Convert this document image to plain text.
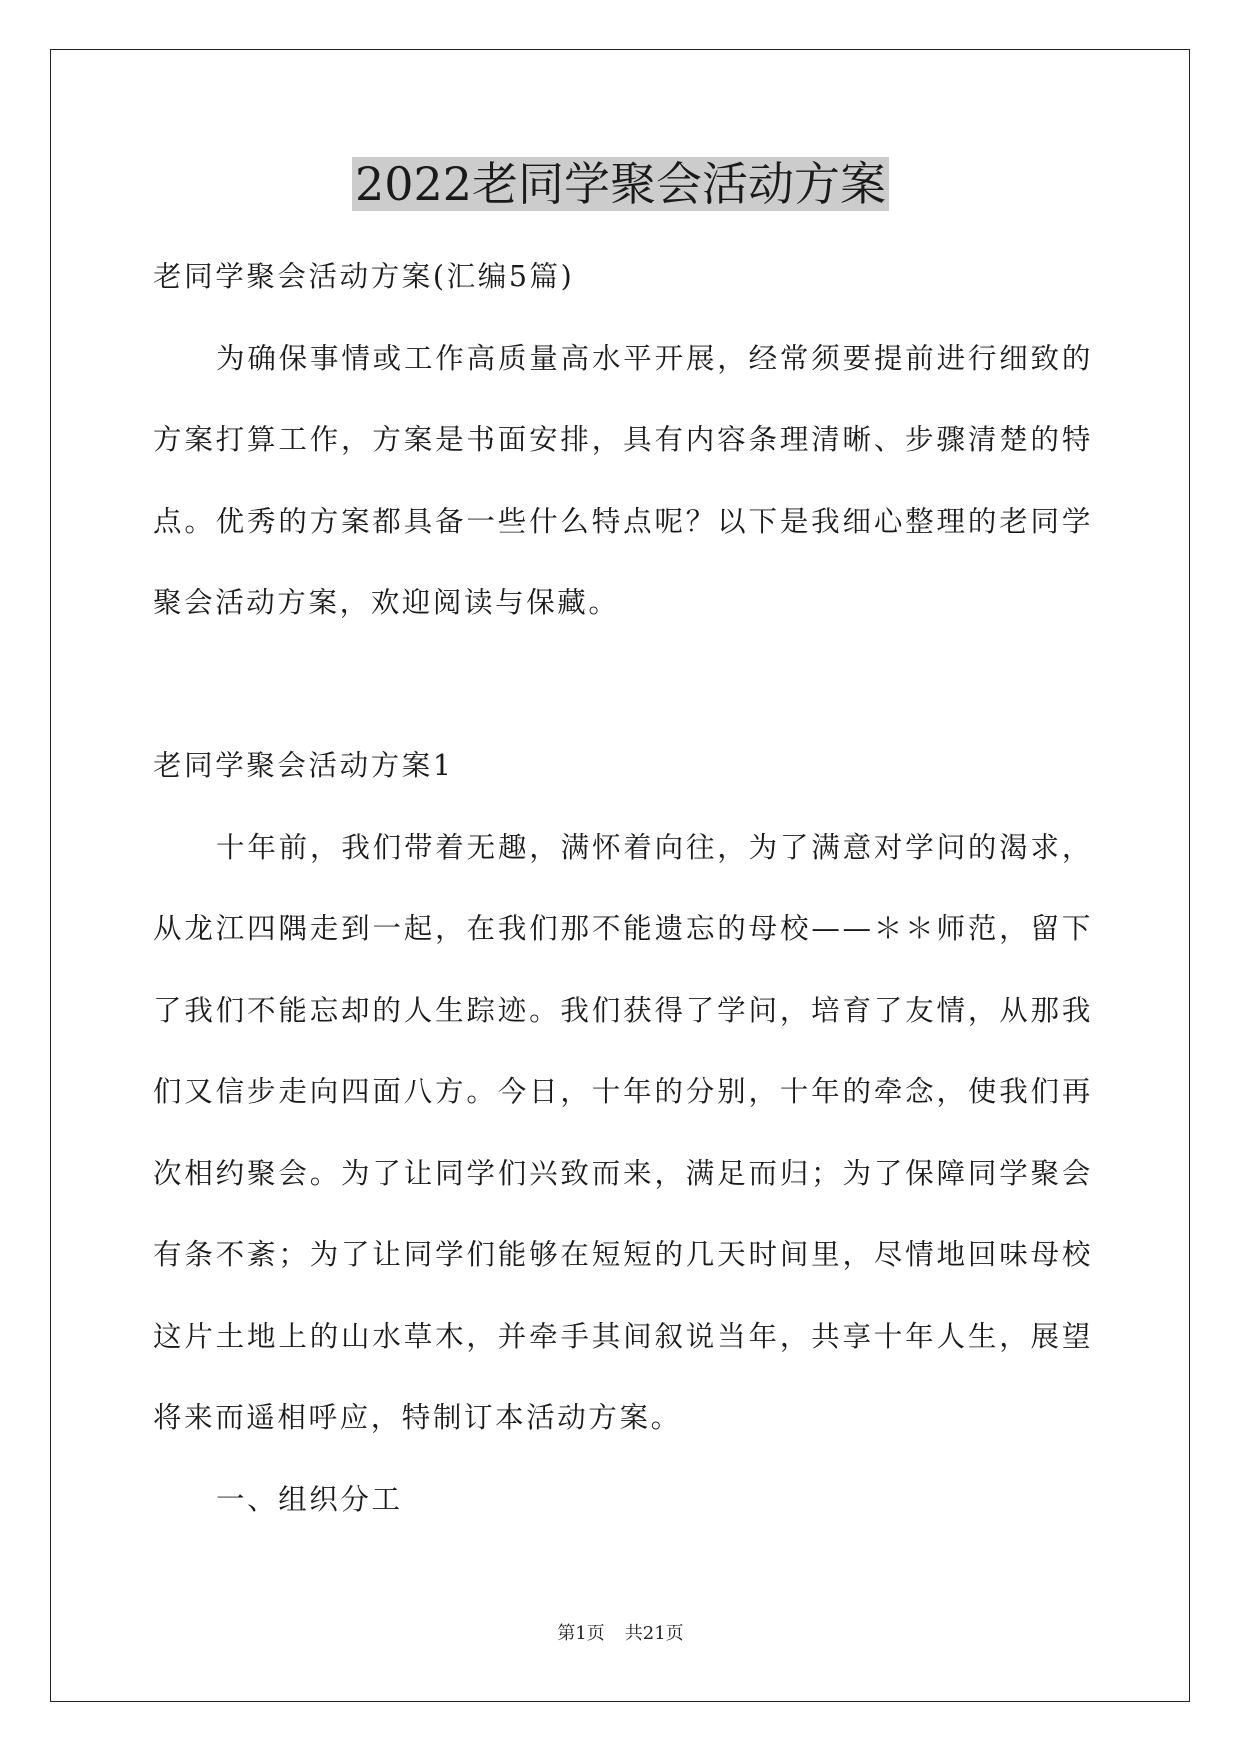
2022老同学聚会活动方案

老同学聚会活动方案(汇编5篇)

为确保事情或工作高质量高水平开展，经常须要提前进行细致的方案打算工作，方案是书面安排，具有内容条理清晰、步骤清楚的特点。优秀的方案都具备一些什么特点呢？以下是我细心整理的老同学聚会活动方案，欢迎阅读与保藏。

老同学聚会活动方案1

十年前，我们带着无趣，满怀着向往，为了满意对学问的渴求，从龙江四隅走到一起，在我们那不能遗忘的母校——＊＊师范，留下了我们不能忘却的人生踪迹。我们获得了学问，培育了友情，从那我们又信步走向四面八方。今日，十年的分别，十年的牵念，使我们再次相约聚会。为了让同学们兴致而来，满足而归；为了保障同学聚会有条不紊；为了让同学们能够在短短的几天时间里，尽情地回味母校这片土地上的山水草木，并牵手其间叙说当年，共享十年人生，展望将来而遥相呼应，特制订本活动方案。

一、组织分工

第1页 共21页
